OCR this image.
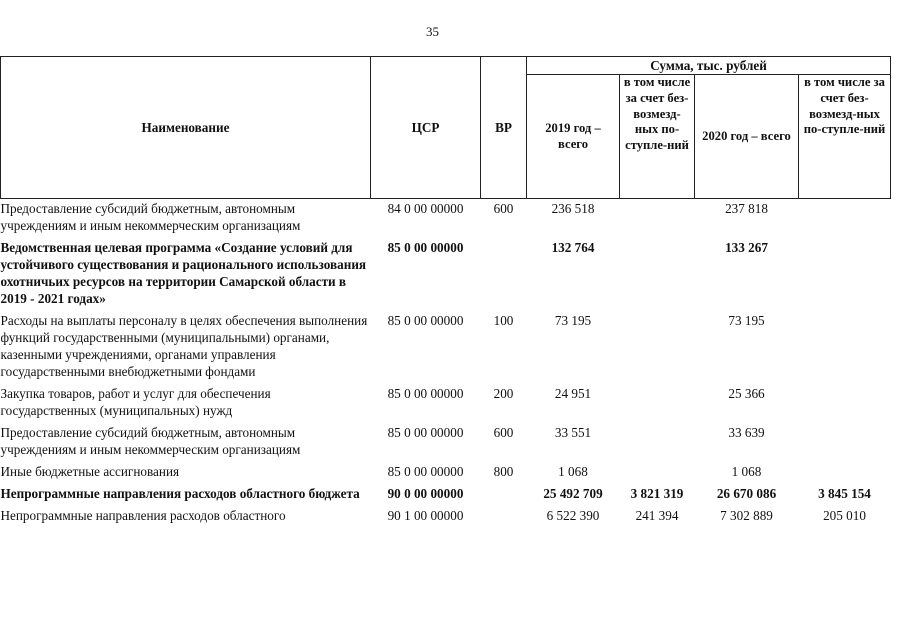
35
Наименование	ЦСР	ВР	Сумма, тыс. рублей			
			2019 год – всего	в том числе за счет без-возмезд-ных по-ступле-ний	2020 год – всего	в том числе за счет без-возмезд-ных по-ступле-ний
Предоставление субсидий бюджетным, автономным учреждениям и иным некоммерческим организациям	84 0 00 00000	600	236 518		237 818	
Ведомственная целевая программа «Создание условий для устойчивого существования и рационального использования охотничьих ресурсов на территории Самарской области в 2019 - 2021 годах»	85 0 00 00000		132 764		133 267	
Расходы на выплаты персоналу в целях обеспечения выполнения функций государственными (муниципальными) органами, казенными учреждениями, органами управления государственными внебюджетными фондами	85 0 00 00000	100	73 195		73 195	
Закупка товаров, работ и услуг для обеспечения государственных (муниципальных) нужд	85 0 00 00000	200	24 951		25 366	
Предоставление субсидий бюджетным, автономным учреждениям и иным некоммерческим организациям	85 0 00 00000	600	33 551		33 639	
Иные бюджетные ассигнования	85 0 00 00000	800	1 068		1 068	
Непрограммные направления расходов областного бюджета	90 0 00 00000		25 492 709	3 821 319	26 670 086	3 845 154
Непрограммные направления расходов областного	90 1 00 00000		6 522 390	241 394	7 302 889	205 010
